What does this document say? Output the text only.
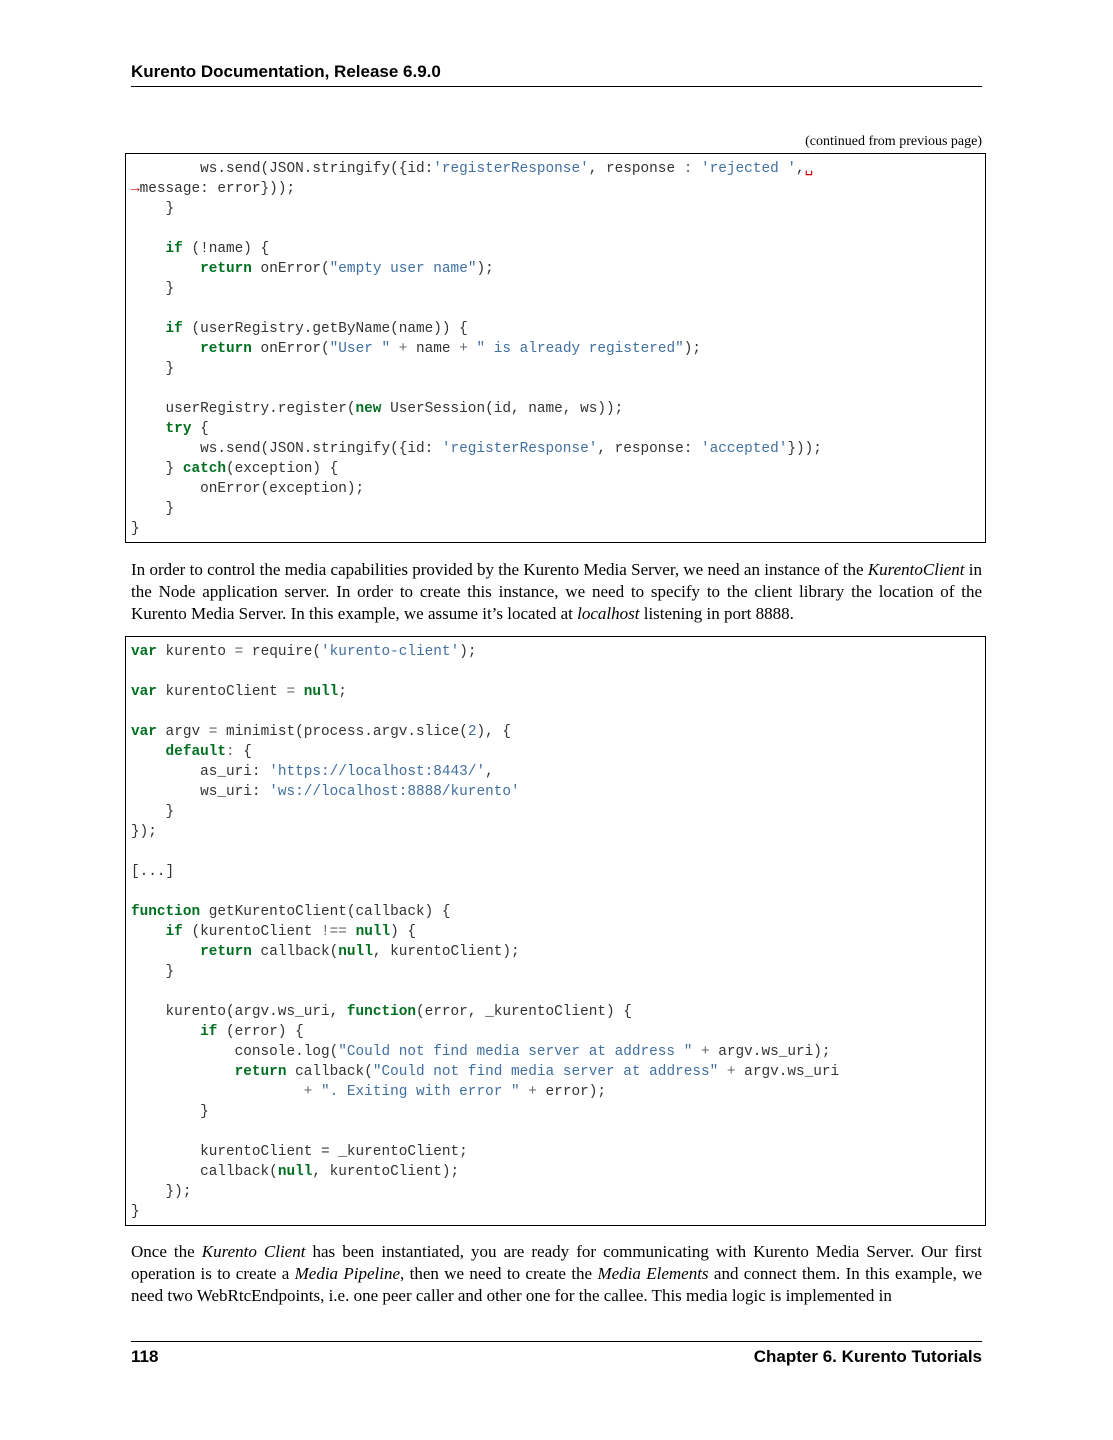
Kurento Documentation, Release 6.9.0
(continued from previous page)
ws.send(JSON.stringify({id:'registerResponse', response : 'rejected ',␣
→message: error}));
}

if (!name) {
return onError("empty user name");
}

if (userRegistry.getByName(name)) {
return onError("User " + name + " is already registered");
}

userRegistry.register(new UserSession(id, name, ws));
try {
ws.send(JSON.stringify({id: 'registerResponse', response: 'accepted'}));
} catch(exception) {
onError(exception);
}
}

In order to control the media capabilities provided by the Kurento Media Server, we need an instance of the KurentoClient in the Node application server. In order to create this instance, we need to specify to the client library the location of the Kurento Media Server. In this example, we assume it’s located at localhost listening in port 8888.

var kurento = require('kurento-client');

var kurentoClient = null;

var argv = minimist(process.argv.slice(2), {
default: {
as_uri: 'https://localhost:8443/',
ws_uri: 'ws://localhost:8888/kurento'
}
});

[...]

function getKurentoClient(callback) {
if (kurentoClient !== null) {
return callback(null, kurentoClient);
}

kurento(argv.ws_uri, function(error, _kurentoClient) {
if (error) {
console.log("Could not find media server at address " + argv.ws_uri);
return callback("Could not find media server at address" + argv.ws_uri
+ ". Exiting with error " + error);
}

kurentoClient = _kurentoClient;
callback(null, kurentoClient);
});
}

Once the Kurento Client has been instantiated, you are ready for communicating with Kurento Media Server. Our first operation is to create a Media Pipeline, then we need to create the Media Elements and connect them. In this example, we need two WebRtcEndpoints, i.e. one peer caller and other one for the callee. This media logic is implemented in

118	Chapter 6. Kurento Tutorials
